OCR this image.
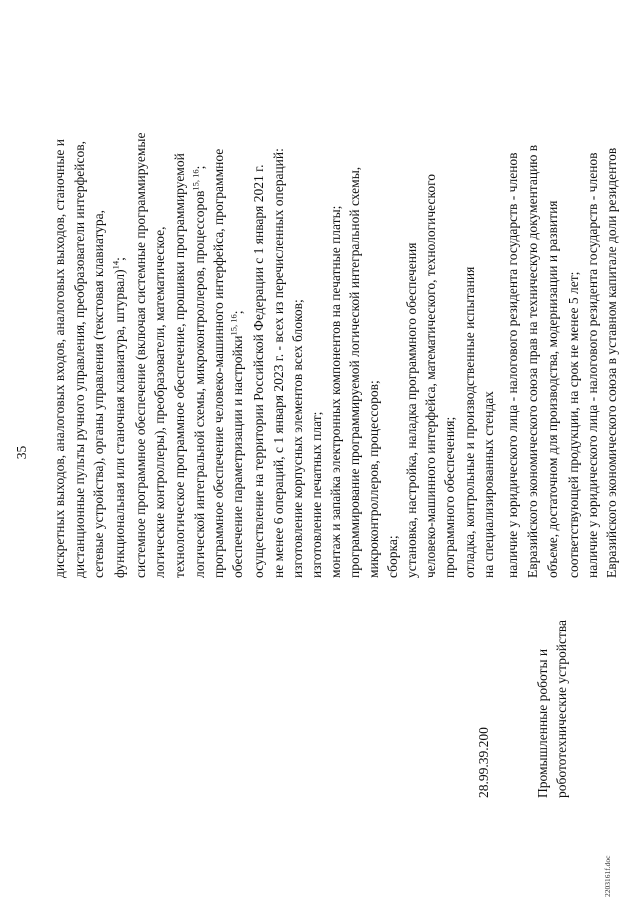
35
2203161f.doc
28.99.39.200	Промышленные роботы и робототехнические устройства
дискретных выходов, аналоговых входов, аналоговых выходов, станочные и дистанционные пульты ручного управления, преобразователи интерфейсов, сетевые устройства), органы управления (текстовая клавиатура, функциональная или станочная клавиатура, штурвал)$^{14}$; системное программное обеспечение (включая системные программируемые логические контроллеры), преобразователи, математическое, технологическое программное обеспечение, прошивки программируемой логической интегральной схемы, микроконтроллеров, процессоров$^{15, 16}$; программное обеспечение человеко-машинного интерфейса, программное обеспечение параметризации и настройки$^{15, 16}$; осуществление на территории Российской Федерации с 1 января 2021 г. не менее 6 операций, с 1 января 2023 г. - всех из перечисленных операций: изготовление корпусных элементов всех блоков; изготовление печатных плат; монтаж и запайка электронных компонентов на печатные платы; программирование программируемой логической интегральной схемы, микроконтроллеров, процессоров; сборка; установка, настройка, наладка программного обеспечения человеко-машинного интерфейса, математического, технологического программного обеспечения; отладка, контрольные и производственные испытания на специализированных стендах наличие у юридического лица - налогового резидента государств - членов Евразийского экономического союза прав на техническую документацию в объеме, достаточном для производства, модернизации и развития соответствующей продукции, на срок не менее 5 лет; наличие у юридического лица - налогового резидента государств - членов Евразийского экономического союза в уставном капитале доли резидентов
